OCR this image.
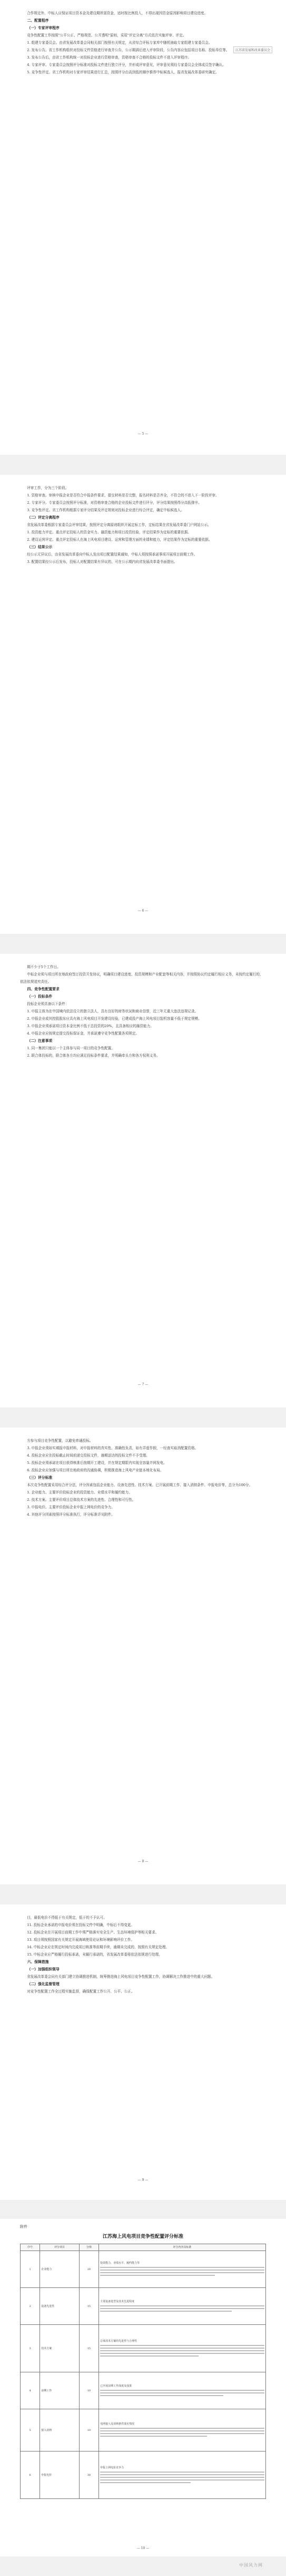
江苏省发展和改革委员会

合作规定外，中标人应保证项目资本金及建设期所需资金，适时按比例投入，不得出现因资金原因影响项目建设进度。

二、配置程序

（一）专家评审程序

竞争性配置工作按照"公平公正、严格规范、公开透明"原则，采用"评定分离"方式依次实施评审、评定。

1. 组建专家委员会。由省发展改革委会同相关部门按照有关规定，从省综合评标专家库中随机抽取专家组建专家委员会。

2. 发布公告。省工作机构组织对投标文件资格进行审查并公告，公示期满后进入评审阶段，公告内容应包括项目名称、投标单位等。

3. 发布公告后，由省工作机构统一对投标企业进行资格审查，资格审查不合格的投标文件不进入评审程序。

4. 专家评审。专家委员会按照评分标准对投标文件进行独立评分，并形成评审意见，评审意见须经专家委员会全体成员签字确认。

5. 竞争性评定。省工作机构对专家评审结果进行汇总，按照评分由高到低的顺序推荐中标候选人，报省发展改革委研究确定。

— 5 —

评审工作，分为三个阶段。

1. 资格审查。审核申报企业是否符合申报条件要求，提交材料是否完整，报名材料是否齐全，不符合的不进入下一阶段评审。

2. 专家评分。专家委员会按照评分标准，对资格审查合格的企业投标文件进行评分，评分结果按照得分高低排序。

3. 竞争性评定。省工作机构根据专家评分结果及评定规则对投标企业进行综合评定，确定中标候选人。

（二）评定分离程序

省发展改革委根据专家委员会评审结果，按照评定分离原则组织开展定标工作，定标结果在省发展改革委门户网站公示。

1. 投资能力评定。重点评定投标人的资金实力、融资能力和项目投资经验，评定结果作为定标的重要依据。

2. 建设运营评定。重点评定投标人在海上风电项目建设、运营和管理方面的业绩和能力，评定结果作为定标的重要依据。

（三）结果公示

经公示无异议后，由省发展改革委向中标人发出项目配置结果通知，中标人须按照承诺事项开展项目前期工作。

3. 配置结果经公示后发布，投标人对配置结果有异议的，可在公示期内向省发展改革委书面提出。

— 6 —

期不少于5个工作日。

中标企业须与项目所在地政府签订投资开发协议，明确项目建设进度、投资规模和产业配套等相关内容，并按照协议约定履行相应义务，未按约定履行的，依法依规追究责任。

四、竞争性配置要求

（一）投标条件

投标企业须具备以下条件：

1. 申报主体为在中国境内依法设立的独立法人，具有良好的财务状况和商业信誉，近三年无重大违法违规记录。

2. 申报企业或其控股股东应具有海上风电项目开发建设经验，已建成投产海上风电项目装机容量不低于规定规模。

3. 申报企业须承诺项目资本金比例不低于总投资的20%，且具备相应的融资能力。

4. 申报企业应按规定提交投标保证金，并承诺遵守竞争性配置各项规定。

（二）注意事项

1. 同一集团只能以一个主体参与同一项目的竞争性配置。

2. 联合体投标的，联合体各方均应满足投标条件要求，并明确牵头方和各方权利义务。

— 7 —

方参与项目竞争性配置，以避免串通投标。

3. 申报企业须如实填报申报材料，对申报材料的真实性、准确性负责，如有弄虚作假，一经查实取消配置资格。

4. 投标企业应在投标截止时间前递交投标文件，逾期送达的投标文件不予受理。

5. 投标企业须承诺在项目获得核准后按期开工建设，并在规定期限内实现全容量并网发电。

6. 投标企业应加强与项目所在地政府的沟通协调，积极推进海上风电产业链本地化布局。

（三）评分标准

本次竞争性配置采用综合评分法，评分因素包括企业能力、设备先进性、技术方案、已开展前期工作、接入消纳条件、申报电价等，总分为100分。

1. 企业能力。主要评价投标企业的投资能力、业绩水平和履约能力。

2. 技术方案。主要评价项目总体技术方案的先进性、合理性和可行性。

3. 申报电价。主要评价投标企业申报上网电价的竞争力。

4. 其他评分因素按照评分标准执行，评分标准详见附件。

— 8 —

目，最低电价不得低于有关规定，低于的不予认可。

11. 投标企业承诺的申报电价须在投标文件中明确，中标后不得变更。

12. 投标企业在开展项目前期工作中须严格落实安全生产、生态环境保护等相关要求。

13. 项目须按照国家有关规定开展海域使用论证和环境影响评价工作。

14. 中标企业应在规定时间内完成项目核准等前期手续，逾期未完成的，按照有关规定处理。

15. 中标企业应严格履行投标承诺，未履行承诺的，省发展改革委将依法依规进行处理。

六、保障措施

（一）加强组织领导

省发展改革委会同有关部门建立协调推进机制，统筹推进海上风电项目竞争性配置工作，协调解决工作推进中的重大问题。

（二）强化监督管理

对竞争性配置工作全过程实施监督，确保配置工作公开、公平、公正。

— 9 —

附件

江苏海上风电项目竞争性配置评分标准
序号	评分项目	分值	评分内容及标准
1	企业能力	20	投资能力、业绩水平、履约能力等

2	设备先进性	15	主要设备选型及技术先进程度

3	技术方案	15	总体技术方案的先进性与合理性

4	前期工作	10	已开展前期工作深度及成果

5	接入消纳	10	电网接入及消纳条件落实情况

6	申报电价	30	申报上网电价竞争力
— 10 —
中国风力网
